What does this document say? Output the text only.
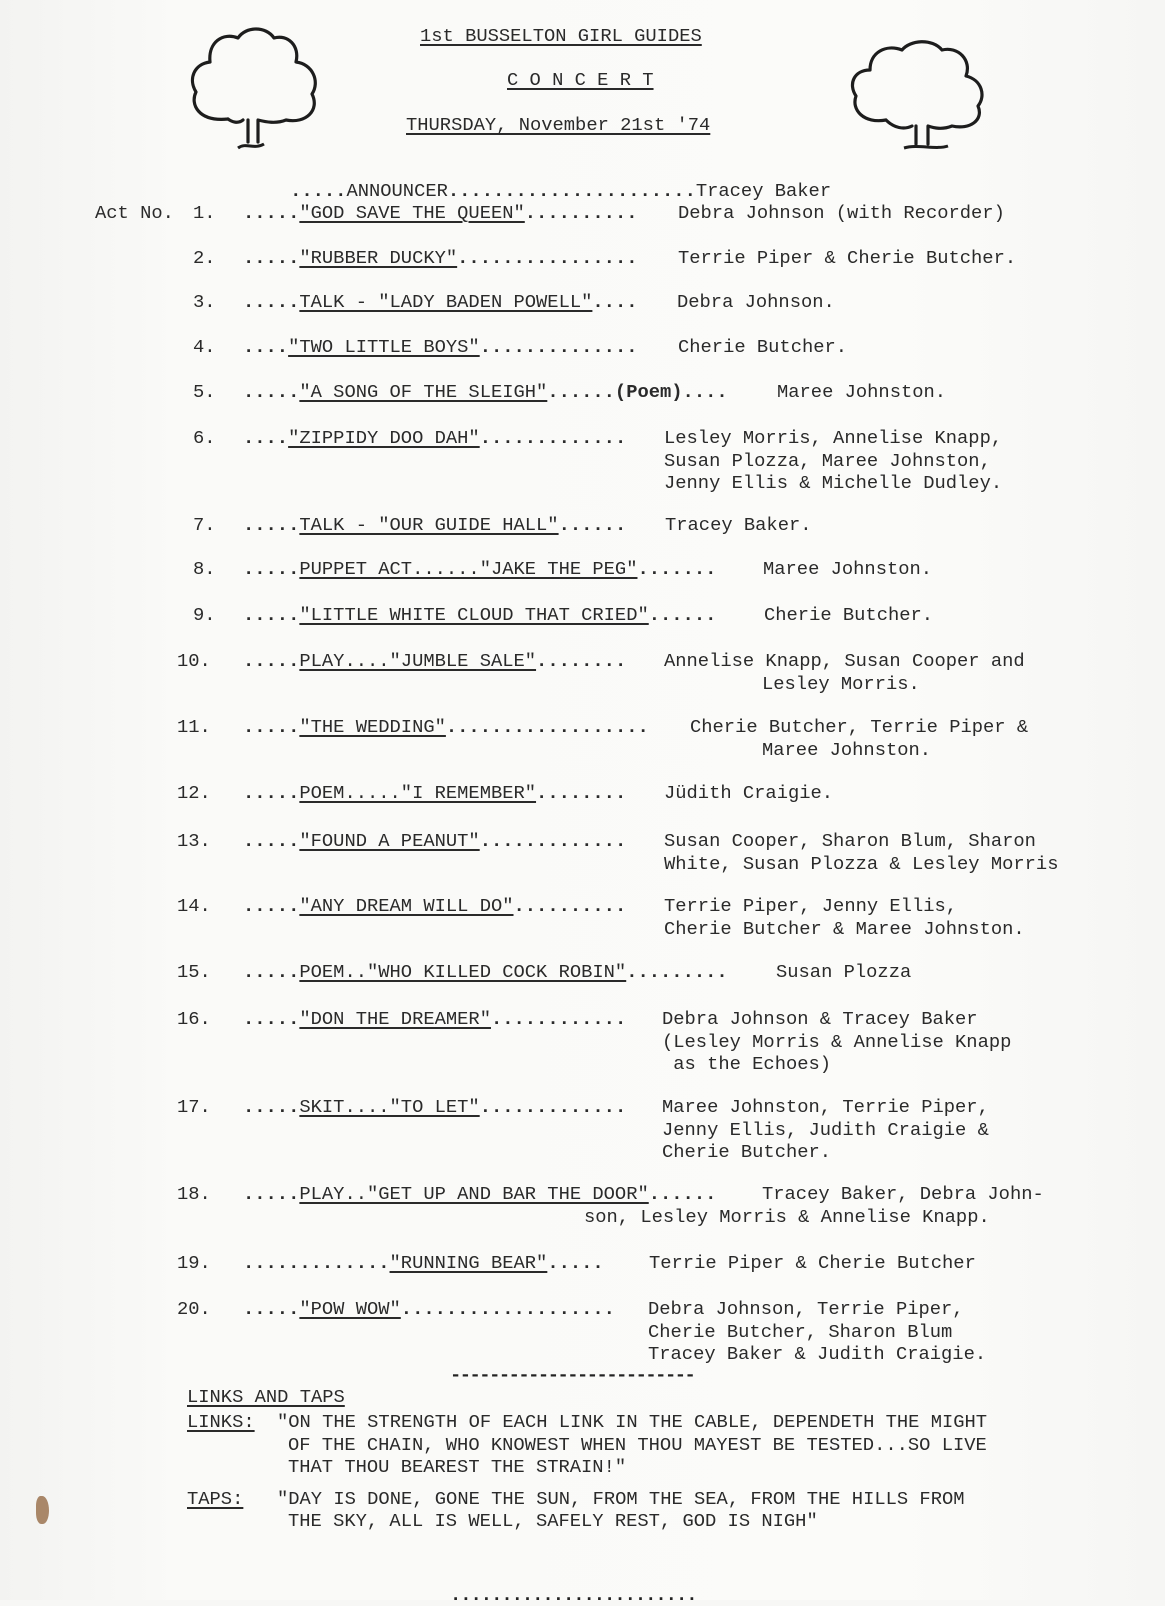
1st BUSSELTON GIRL GUIDES
C O N C E R T
THURSDAY, November 21st '74

.....ANNOUNCER......................Tracey Baker

Act No. 1. ....."GOD SAVE THE QUEEN".......... Debra Johnson (with Recorder)
2. ....."RUBBER DUCKY"................ Terrie Piper & Cherie Butcher.
3. .....TALK - "LADY BADEN POWELL".... Debra Johnson.
4. ...."TWO LITTLE BOYS".............. Cherie Butcher.
5. ....."A SONG OF THE SLEIGH"......(Poem)....	Maree Johnston.
6. ...."ZIPPIDY DOO DAH"............. Lesley Morris, Annelise Knapp,
Susan Plozza, Maree Johnston,
Jenny Ellis & Michelle Dudley.
7. .....TALK - "OUR GUIDE HALL"...... Tracey Baker.
8. .....PUPPET ACT......"JAKE THE PEG"....... Maree Johnston.
9. ....."LITTLE WHITE CLOUD THAT CRIED"......	Cherie Butcher.
10. .....PLAY...."JUMBLE SALE"........ Annelise Knapp, Susan Cooper and
Lesley Morris.
11. ....."THE WEDDING".................. Cherie Butcher, Terrie Piper &
Maree Johnston.
12. .....POEM....."I REMEMBER"........ Jüdith Craigie.
13. ....."FOUND A PEANUT"............. Susan Cooper, Sharon Blum, Sharon
White, Susan Plozza & Lesley Morris
14. ....."ANY DREAM WILL DO".......... Terrie Piper, Jenny Ellis,
Cherie Butcher & Maree Johnston.
15. .....POEM.."WHO KILLED COCK ROBIN".........	Susan Plozza
16. ....."DON THE DREAMER"............ Debra Johnson & Tracey Baker
(Lesley Morris & Annelise Knapp
as the Echoes)
17. .....SKIT...."TO LET"............. Maree Johnston, Terrie Piper,
Jenny Ellis, Judith Craigie &
Cherie Butcher.
18. .....PLAY.."GET UP AND BAR THE DOOR"...... Tracey Baker, Debra John-
son, Lesley Morris & Annelise Knapp.
19. ............."RUNNING BEAR"..... Terrie Piper & Cherie Butcher
20. ....."POW WOW"................... Debra Johnson, Terrie Piper,
Cherie Butcher, Sharon Blum
Tracey Baker & Judith Craigie.
-------------------------
LINKS AND TAPS
LINKS: "ON THE STRENGTH OF EACH LINK IN THE CABLE, DEPENDETH THE MIGHT
OF THE CHAIN, WHO KNOWEST WHEN THOU MAYEST BE TESTED...SO LIVE
THAT THOU BEAREST THE STRAIN!"
TAPS: "DAY IS DONE, GONE THE SUN, FROM THE SEA, FROM THE HILLS FROM
THE SKY, ALL IS WELL, SAFELY REST, GOD IS NIGH"
........................
